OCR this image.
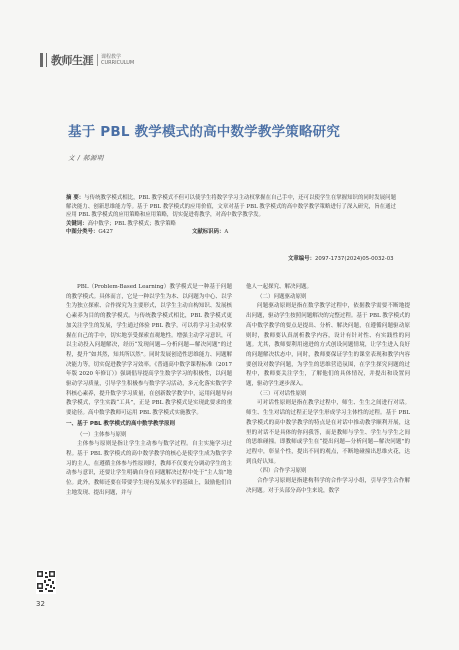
教师生涯 课程教学
CURRICULUM
基于 PBL 教学模式的高中数学教学策略研究
文 / 郝源明

摘 要：与传统教学模式相比，PBL 教学模式不但可以使学生将数学学习主动权掌握在自己手中，还可以使学生在掌握知识的同时发展问题解决能力、创新思维能力等。基于 PBL 教学模式的应用价值，文章对基于 PBL 教学模式的高中数学教学策略进行了深入研究，旨在通过应用 PBL 教学模式的应用策略和应用策略，切实促进将教学，对高中数学教学发。

关键词：高中数学；PBL 教学模式；教学策略

中图分类号：G427	文献标识码：A
文章编号：2097-1737(2024)05-0032-03

PBL（Problem-Based Learning）教学模式是一种基于问题的教学模式。具体而言，它是一种以学生为本、以问题为中心、以学生为独立探索、合作探究为主要形式，以学生主动自构知识、发展核心素养为目的的教学模式。与传统教学模式相比，PBL 教学模式更加关注学生的发展，学生通过体验 PBL 教学，可以将学习主动权掌握在自己的手中，切实地享受探索直观地性。增强主动学习意识，可以主动投入问题解决，经历“发现问题—分析问题—解决问题”的过程，提升“如其然，知其所以然”。同时发展创造性思维能力、问题解决能力等，切实促进教学学习效率。《普通高中数学课程标准（2017 年版 2020 年修订）》强调倡导提高学生数学学习的积极性，以问题驱动学习质量，引导学生积极参与数学学习活动，多元化落实数学学科核心素养，提升数学学习质量，在创新数学教学中，运用问题导向教学模式，学生实践“工具”，正是 PBL 教学模式是实现此要求的重要途径。高中数学教师可运用 PBL 教学模式实施教学。

一、基于 PBL 教学模式的高中数学教学原则

（一）主体参与原则

主体参与原则是指让学生主动参与数学过程。自主实施学习过程。基于 PBL 教学模式的高中数学教学的核心是使学生成为数学学习的主人，在遵循主体参与性原则时，教师不仅要充分调动学生的主动参与意识，还要让学生明确自身在问题解决过程中处于“主人翁”地位。此外，教师还要在带要学生现有发展水平的基础上，鼓励他们自主地发现、提出问题，并与

他人一起探究、解决问题。

（二）问题驱动原则

问题驱动原则是指在数学教学过程中，依据教学需要不断地提出问题，驱动学生按照问题解决的完整过程。基于 PBL 教学模式的高中数学教学的要点是提出、分析、解决问题，在遵循问题驱动原则时，教师要认真剖析教学内容，设计有针对性、有实践性的问题。尤其，教师要利用递进的方式创设问题情境，让学生进入良好的问题解决状态中，同时，教师要保证学生的课堂表现和教学内容要创设对数学问题，为学生的思维营造氛围，在学生探究问题的过程中，教师要关注学生，了解他们的具体情况，并提出和设置问题，驱动学生逐步深入。

（三）可对话性原则

可对话性原则是指在教学过程中，师生、生生之间进行对话。师生、生生对话的过程正是学生形成学习主体性的过程。基于 PBL 教学模式的高中数学教学的特点是在对话中推动教学顺利开展，这里的对话不是具体的你问我答，而是教师与学生、学生与学生之间的思维碰撞。即教师或学生在“提出问题—分析问题—解决问题”的过程中，彰显个性，提出不同的观点，不断地碰撞出思维火花，达到良好认知。

（四）合作学习原则

合作学习原则是指建构科学的合作学习小组，引导学生合作解决问题。对于头部分高中生来说，数学

32
